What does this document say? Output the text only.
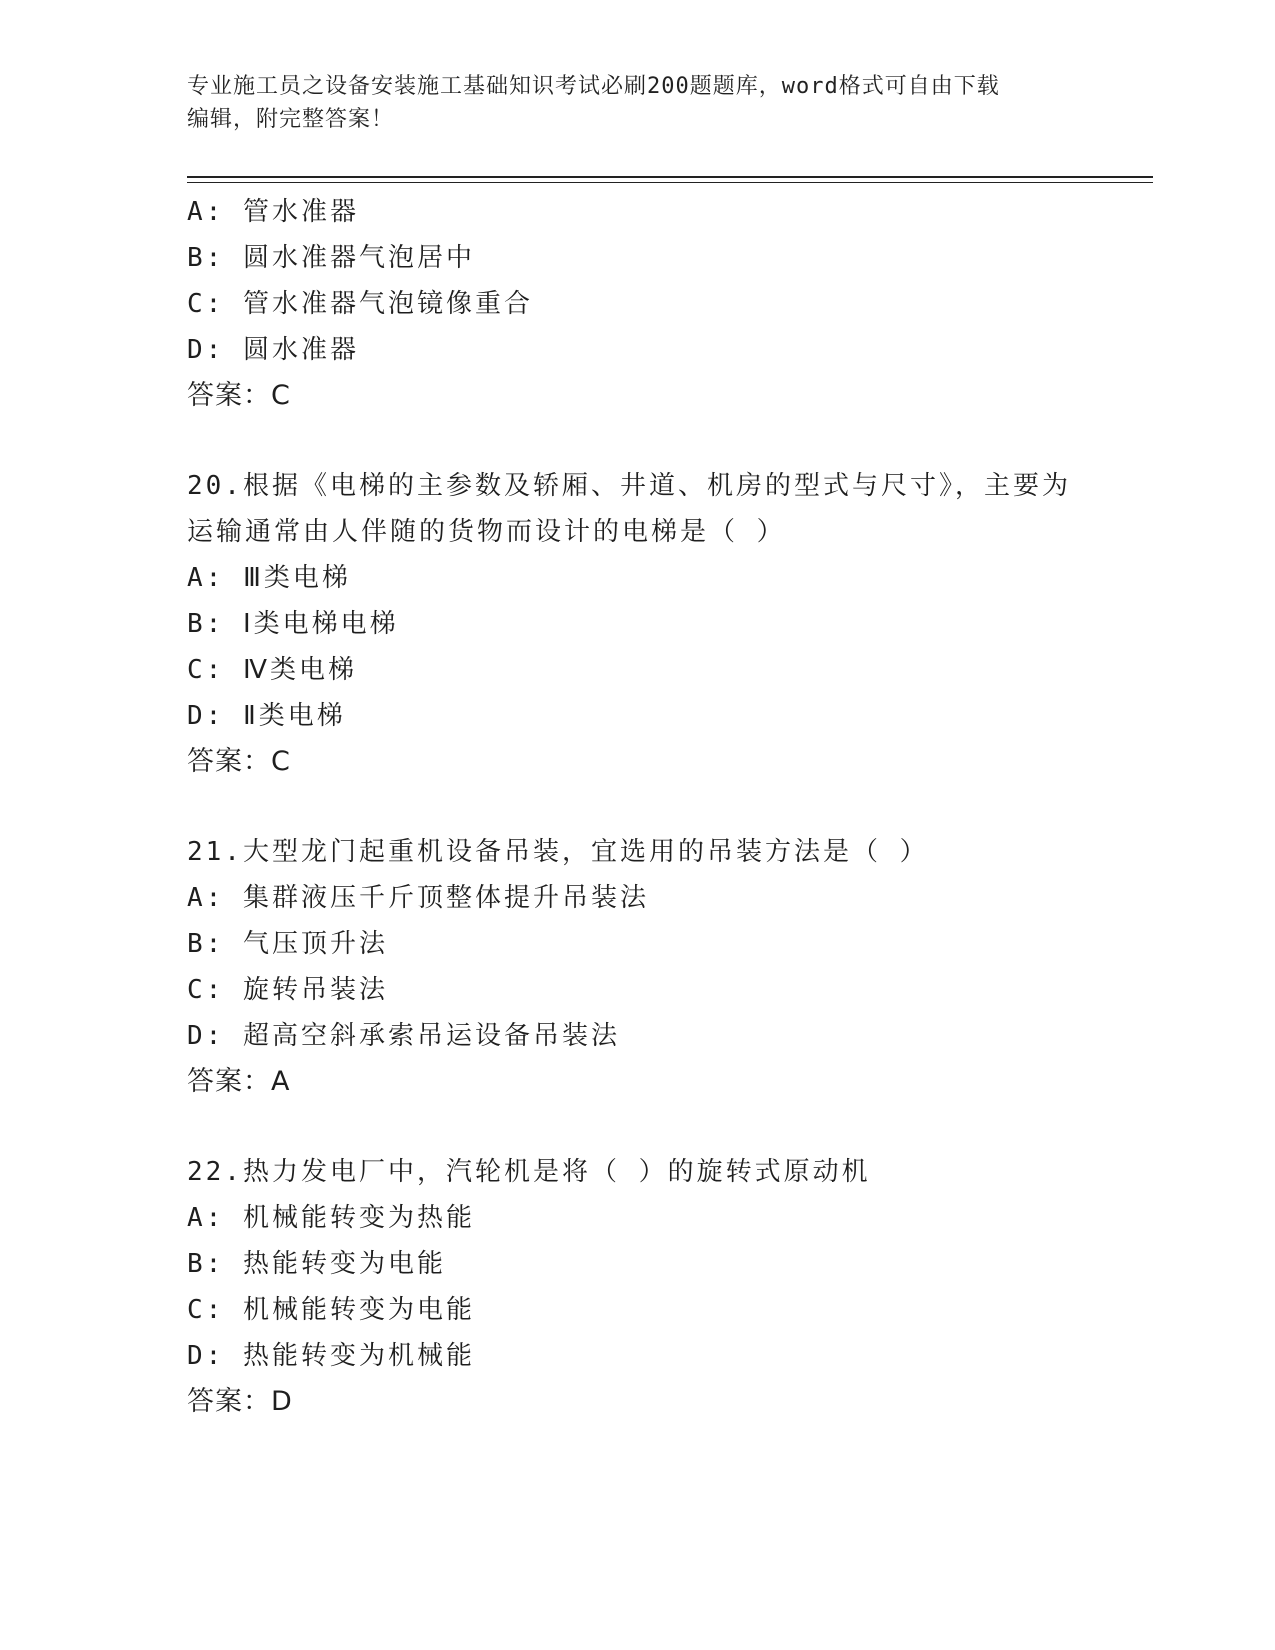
专业施工员之设备安装施工基础知识考试必刷200题题库，word格式可自由下载
编辑，附完整答案！
A: 管水准器
B: 圆水准器气泡居中
C: 管水准器气泡镜像重合
D: 圆水准器
答案：C
20.根据《电梯的主参数及轿厢、井道、机房的型式与尺寸》，主要为
运输通常由人伴随的货物而设计的电梯是（ ）
A: Ⅲ类电梯
B: Ⅰ类电梯电梯
C: Ⅳ类电梯
D: Ⅱ类电梯
答案：C
21.大型龙门起重机设备吊装，宜选用的吊装方法是（ ）
A: 集群液压千斤顶整体提升吊装法
B: 气压顶升法
C: 旋转吊装法
D: 超高空斜承索吊运设备吊装法
答案：A
22.热力发电厂中，汽轮机是将（ ）的旋转式原动机
A: 机械能转变为热能
B: 热能转变为电能
C: 机械能转变为电能
D: 热能转变为机械能
答案：D
